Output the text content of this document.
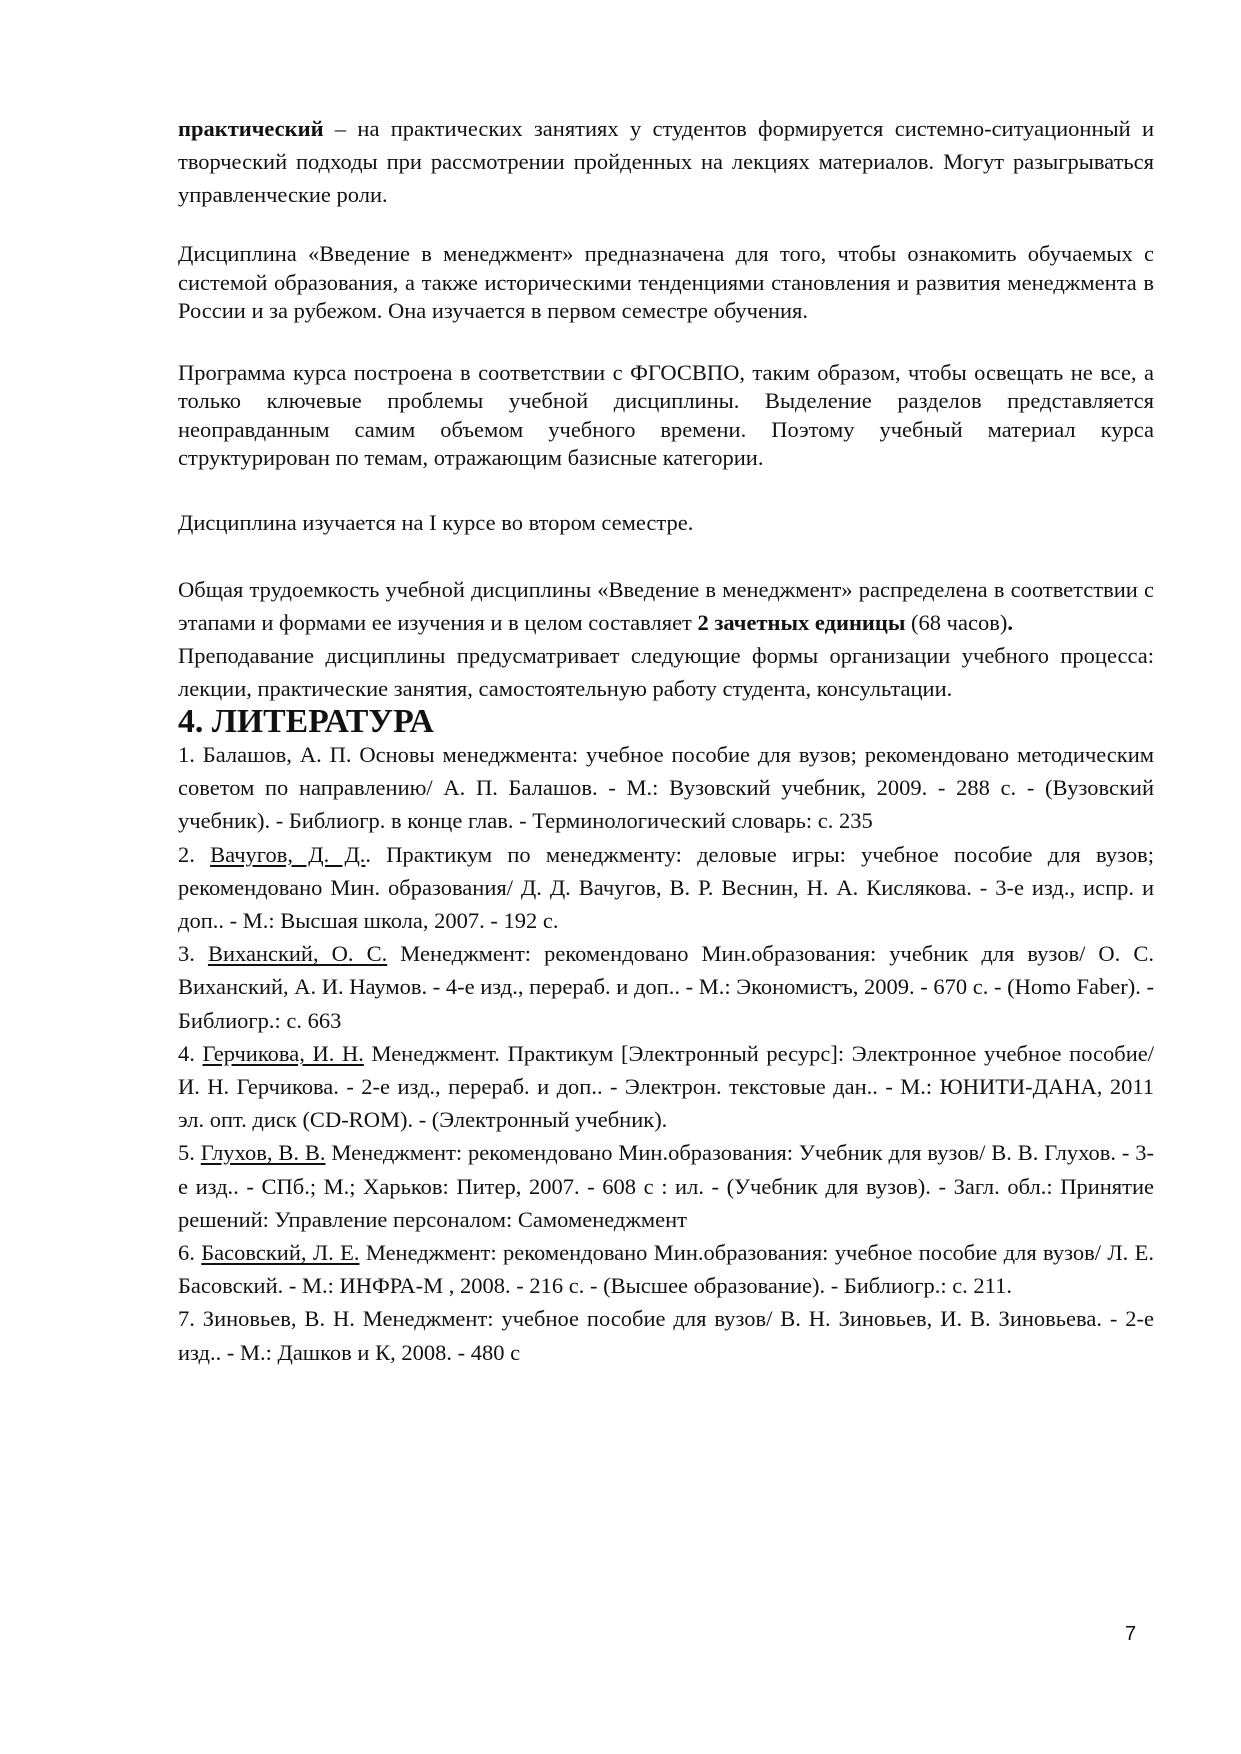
практический – на практических занятиях у студентов формируется системно-ситуационный и творческий подходы при рассмотрении пройденных на лекциях материалов. Могут разыгрываться управленческие роли.

Дисциплина «Введение в менеджмент» предназначена для того, чтобы ознакомить обучаемых с системой образования, а также историческими тенденциями становления и развития менеджмента в России и за рубежом. Она изучается в первом семестре обучения.

Программа курса построена в соответствии с ФГОСВПО, таким образом, чтобы освещать не все, а только ключевые проблемы учебной дисциплины. Выделение разделов представляется неоправданным самим объемом учебного времени. Поэтому учебный материал курса структурирован по темам, отражающим базисные категории.

Дисциплина изучается на I курсе во втором семестре.

Общая трудоемкость учебной дисциплины «Введение в менеджмент» распределена в соответствии с этапами и формами ее изучения и в целом составляет 2 зачетных единицы (68 часов).

Преподавание дисциплины предусматривает следующие формы организации учебного процесса: лекции, практические занятия, самостоятельную работу студента, консультации.

4. ЛИТЕРАТУРА

1. Балашов, А. П. Основы менеджмента: учебное пособие для вузов; рекомендовано методическим советом по направлению/ А. П. Балашов. - М.: Вузовский учебник, 2009. - 288 с. - (Вузовский учебник). - Библиогр. в конце глав. - Терминологический словарь: с. 235

2. Вачугов, Д. Д.. Практикум по менеджменту: деловые игры: учебное пособие для вузов; рекомендовано Мин. образования/ Д. Д. Вачугов, В. Р. Веснин, Н. А. Кислякова. - 3-е изд., испр. и доп.. - М.: Высшая школа, 2007. - 192 с.

3. Виханский, О. С. Менеджмент: рекомендовано Мин.образования: учебник для вузов/ О. С. Виханский, А. И. Наумов. - 4-е изд., перераб. и доп.. - М.: Экономистъ, 2009. - 670 с. - (Homo Faber). - Библиогр.: с. 663

4. Герчикова, И. Н. Менеджмент. Практикум [Электронный ресурс]: Электронное учебное пособие/ И. Н. Герчикова. - 2-е изд., перераб. и доп.. - Электрон. текстовые дан.. - М.: ЮНИТИ-ДАНА, 2011 эл. опт. диск (CD-ROM). - (Электронный учебник).

5. Глухов, В. В. Менеджмент: рекомендовано Мин.образования: Учебник для вузов/ В. В. Глухов. - 3-е изд.. - СПб.; М.; Харьков: Питер, 2007. - 608 с : ил. - (Учебник для вузов). - Загл. обл.: Принятие решений: Управление персоналом: Самоменеджмент

6. Басовский, Л. Е. Менеджмент: рекомендовано Мин.образования: учебное пособие для вузов/ Л. Е. Басовский. - М.: ИНФРА-М , 2008. - 216 с. - (Высшее образование). - Библиогр.: с. 211.

7. Зиновьев, В. Н. Менеджмент: учебное пособие для вузов/ В. Н. Зиновьев, И. В. Зиновьева. - 2-е изд.. - М.: Дашков и К, 2008. - 480 с

7
